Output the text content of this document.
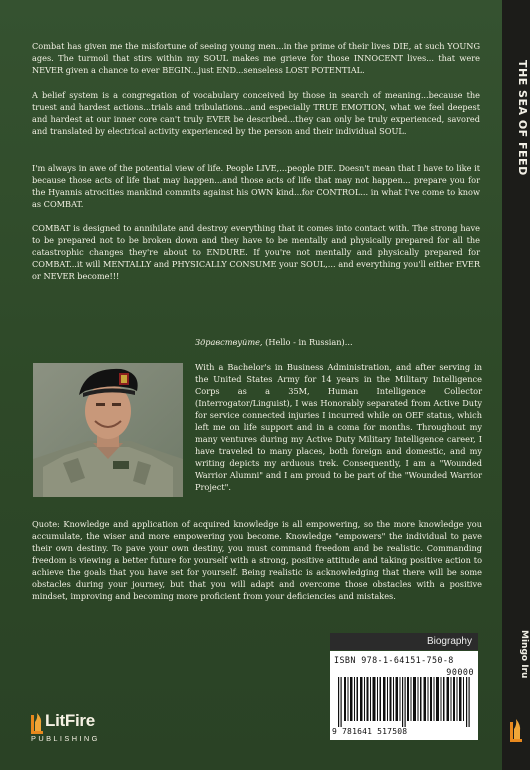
Combat has given me the misfortune of seeing young men...in the prime of their lives DIE, at such YOUNG ages. The turmoil that stirs within my SOUL makes me grieve for those INNOCENT lives... that were NEVER given a chance to ever BEGIN...just END...senseless LOST POTENTIAL.

A belief system is a congregation of vocabulary conceived by those in search of meaning...because the truest and hardest actions...trials and tribulations...and especially TRUE EMOTION, what we feel deepest and hardest at our inner core can't truly EVER be described...they can only be truly experienced, savored and translated by electrical activity experienced by the person and their individual SOUL.

I'm always in awe of the potential view of life. People LIVE,...people DIE. Doesn't mean that I have to like it because those acts of life that may happen...and those acts of life that may not happen... prepare you for the Hyannis atrocities mankind commits against his OWN kind...for CONTROL... in what I've come to know as COMBAT.

COMBAT is designed to annihilate and destroy everything that it comes into contact with. The strong have to be prepared not to be broken down and they have to be mentally and physically prepared for all the catastrophic changes they're about to ENDURE. If you're not mentally and physically prepared for COMBAT...it will MENTALLY and PHYSICALLY CONSUME your SOUL,... and everything you'll either EVER or NEVER become!!!

Здравствуйте, (Hello - in Russian)...

With a Bachelor's in Business Administration, and after serving in the United States Army for 14 years in the Military Intelligence Corps as a 35M, Human Intelligence Collector (Interrogator/Linguist), I was Honorably separated from Active Duty for service connected injuries I incurred while on OEF status, which left me on life support and in a coma for months. Throughout my many ventures during my Active Duty Military Intelligence career, I have traveled to many places, both foreign and domestic, and my writing depicts my arduous trek. Consequently, I am a "Wounded Warrior Alumni" and I am proud to be part of the "Wounded Warrior Project".

Quote: Knowledge and application of acquired knowledge is all empowering, so the more knowledge you accumulate, the wiser and more empowering you become. Knowledge "empowers" the individual to pave their own destiny. To pave your own destiny, you must command freedom and be realistic. Commanding freedom is viewing a better future for yourself with a strong, positive attitude and taking positive action to achieve the goals that you have set for yourself. Being realistic is acknowledging that there will be some obstacles during your journey, but that you will adapt and overcome those obstacles with a positive mindset, improving and becoming more proficient from your deficiencies and mistakes.

Biography
ISBN 978-1-64151-750-8
90000
9 781641 517508
LitFire
PUBLISHING
THE SEA OF FEED
Mingo Iru
